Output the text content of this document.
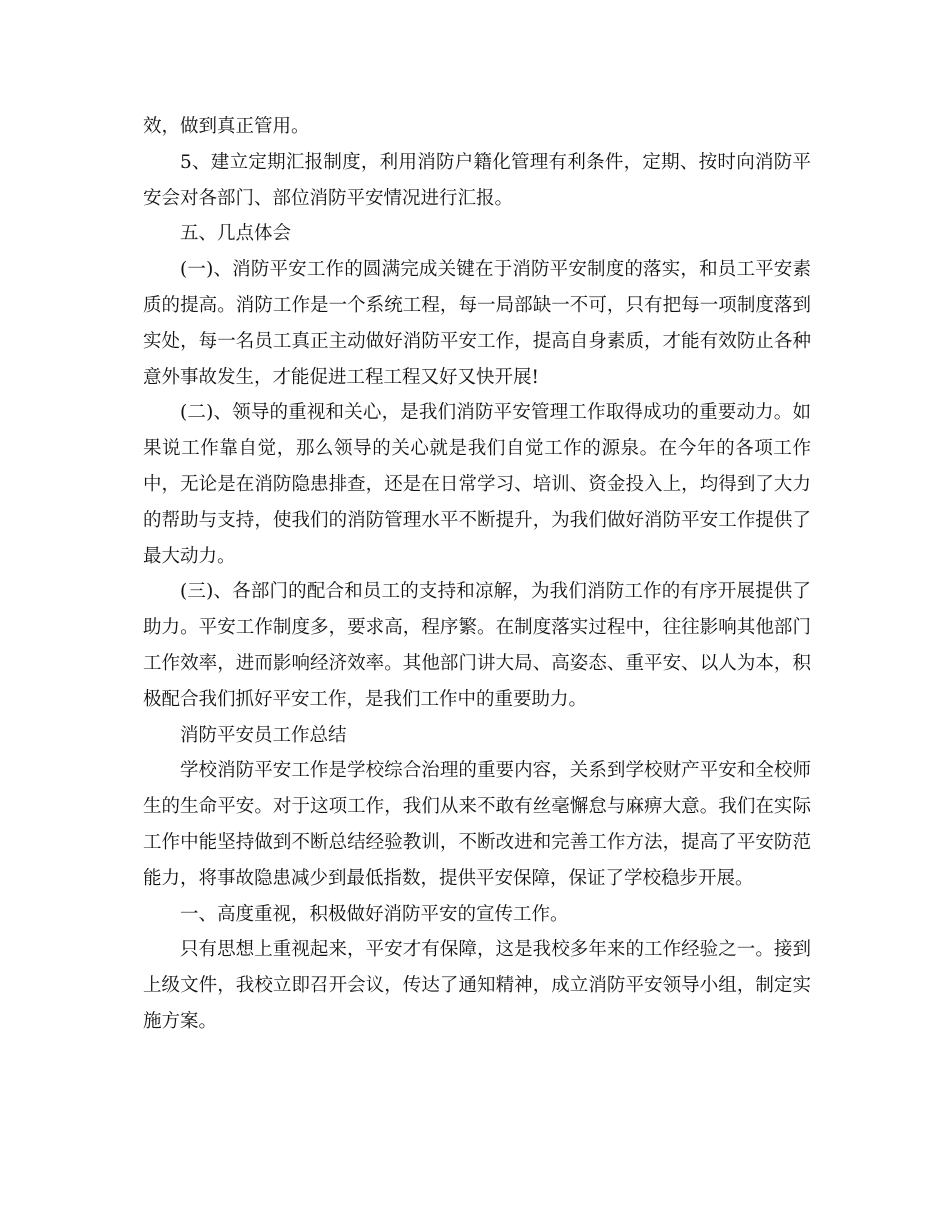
效，做到真正管用。

5、建立定期汇报制度，利用消防户籍化管理有利条件，定期、按时向消防平安会对各部门、部位消防平安情况进行汇报。

五、几点体会

(一)、消防平安工作的圆满完成关键在于消防平安制度的落实，和员工平安素质的提高。消防工作是一个系统工程，每一局部缺一不可，只有把每一项制度落到实处，每一名员工真正主动做好消防平安工作，提高自身素质，才能有效防止各种意外事故发生，才能促进工程工程又好又快开展!

(二)、领导的重视和关心，是我们消防平安管理工作取得成功的重要动力。如果说工作靠自觉，那么领导的关心就是我们自觉工作的源泉。在今年的各项工作中，无论是在消防隐患排查，还是在日常学习、培训、资金投入上，均得到了大力的帮助与支持，使我们的消防管理水平不断提升，为我们做好消防平安工作提供了最大动力。

(三)、各部门的配合和员工的支持和凉解，为我们消防工作的有序开展提供了助力。平安工作制度多，要求高，程序繁。在制度落实过程中，往往影响其他部门工作效率，进而影响经济效率。其他部门讲大局、高姿态、重平安、以人为本，积极配合我们抓好平安工作，是我们工作中的重要助力。

消防平安员工作总结

学校消防平安工作是学校综合治理的重要内容，关系到学校财产平安和全校师生的生命平安。对于这项工作，我们从来不敢有丝毫懈怠与麻痹大意。我们在实际工作中能坚持做到不断总结经验教训，不断改进和完善工作方法，提高了平安防范能力，将事故隐患减少到最低指数，提供平安保障，保证了学校稳步开展。

一、高度重视，积极做好消防平安的宣传工作。

只有思想上重视起来，平安才有保障，这是我校多年来的工作经验之一。接到上级文件，我校立即召开会议，传达了通知精神，成立消防平安领导小组，制定实施方案。
